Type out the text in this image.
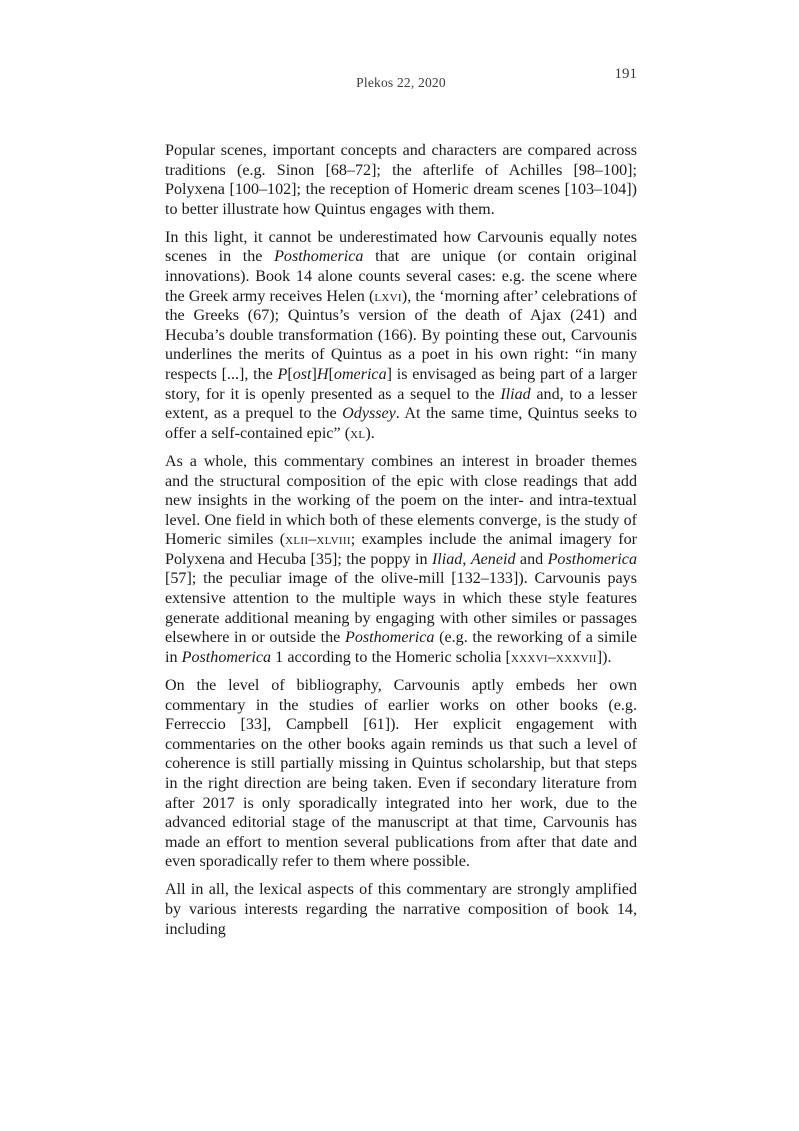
Plekos 22, 2020
191

Popular scenes, important concepts and characters are compared across traditions (e.g. Sinon [68–72]; the afterlife of Achilles [98–100]; Polyxena [100–102]; the reception of Homeric dream scenes [103–104]) to better illustrate how Quintus engages with them.

In this light, it cannot be underestimated how Carvounis equally notes scenes in the Posthomerica that are unique (or contain original innovations). Book 14 alone counts several cases: e.g. the scene where the Greek army receives Helen (lxvi), the ‘morning after’ celebrations of the Greeks (67); Quintus’s version of the death of Ajax (241) and Hecuba’s double transformation (166). By pointing these out, Carvounis underlines the merits of Quintus as a poet in his own right: “in many respects [...], the P[ost]H[omerica] is envisaged as being part of a larger story, for it is openly presented as a sequel to the Iliad and, to a lesser extent, as a prequel to the Odyssey. At the same time, Quintus seeks to offer a self-contained epic” (xl).

As a whole, this commentary combines an interest in broader themes and the structural composition of the epic with close readings that add new insights in the working of the poem on the inter- and intra-textual level. One field in which both of these elements converge, is the study of Homeric similes (xlii–xlviii; examples include the animal imagery for Polyxena and Hecuba [35]; the poppy in Iliad, Aeneid and Posthomerica [57]; the peculiar image of the olive-mill [132–133]). Carvounis pays extensive attention to the multiple ways in which these style features generate additional meaning by engaging with other similes or passages elsewhere in or outside the Posthomerica (e.g. the reworking of a simile in Posthomerica 1 according to the Homeric scholia [xxxvi–xxxvii]).

On the level of bibliography, Carvounis aptly embeds her own commentary in the studies of earlier works on other books (e.g. Ferreccio [33], Campbell [61]). Her explicit engagement with commentaries on the other books again reminds us that such a level of coherence is still partially missing in Quintus scholarship, but that steps in the right direction are being taken. Even if secondary literature from after 2017 is only sporadically integrated into her work, due to the advanced editorial stage of the manuscript at that time, Carvounis has made an effort to mention several publications from after that date and even sporadically refer to them where possible.

All in all, the lexical aspects of this commentary are strongly amplified by various interests regarding the narrative composition of book 14, including
